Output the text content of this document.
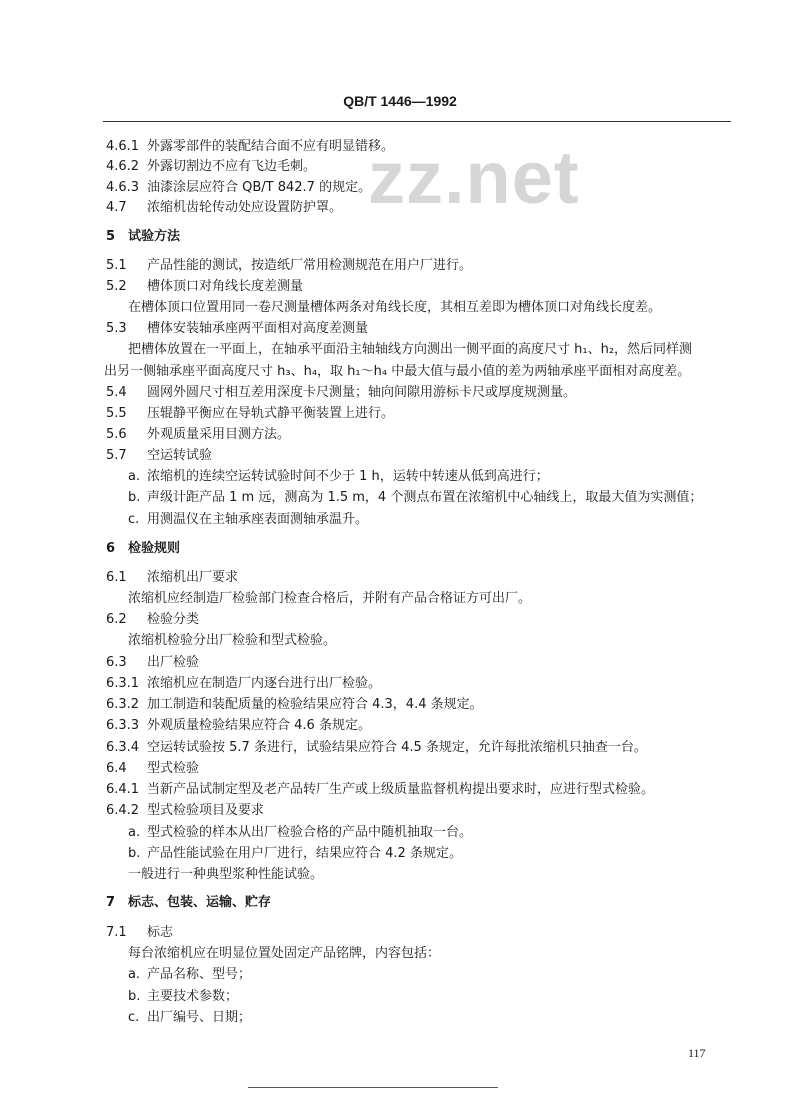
QB/T 1446—1992
zz.net
4.6.1 外露零部件的装配结合面不应有明显错移。
4.6.2 外露切割边不应有飞边毛刺。
4.6.3 油漆涂层应符合 QB/T 842.7 的规定。
4.7 浓缩机齿轮传动处应设置防护罩。
5 试验方法
5.1 产品性能的测试，按造纸厂常用检测规范在用户厂进行。
5.2 槽体顶口对角线长度差测量
在槽体顶口位置用同一卷尺测量槽体两条对角线长度，其相互差即为槽体顶口对角线长度差。
5.3 槽体安装轴承座两平面相对高度差测量
把槽体放置在一平面上，在轴承平面沿主轴轴线方向测出一侧平面的高度尺寸 h₁、h₂，然后同样测
出另一侧轴承座平面高度尺寸 h₃、h₄，取 h₁～h₄ 中最大值与最小值的差为两轴承座平面相对高度差。
5.4 圆网外圆尺寸相互差用深度卡尺测量；轴向间隙用游标卡尺或厚度规测量。
5.5 压辊静平衡应在导轨式静平衡装置上进行。
5.6 外观质量采用目测方法。
5.7 空运转试验
a. 浓缩机的连续空运转试验时间不少于 1 h，运转中转速从低到高进行；
b. 声级计距产品 1 m 远，测高为 1.5 m，4 个测点布置在浓缩机中心轴线上，取最大值为实测值；
c. 用测温仪在主轴承座表面测轴承温升。
6 检验规则
6.1 浓缩机出厂要求
浓缩机应经制造厂检验部门检查合格后，并附有产品合格证方可出厂。
6.2 检验分类
浓缩机检验分出厂检验和型式检验。
6.3 出厂检验
6.3.1 浓缩机应在制造厂内逐台进行出厂检验。
6.3.2 加工制造和装配质量的检验结果应符合 4.3，4.4 条规定。
6.3.3 外观质量检验结果应符合 4.6 条规定。
6.3.4 空运转试验按 5.7 条进行，试验结果应符合 4.5 条规定，允许每批浓缩机只抽查一台。
6.4 型式检验
6.4.1 当新产品试制定型及老产品转厂生产或上级质量监督机构提出要求时，应进行型式检验。
6.4.2 型式检验项目及要求
a. 型式检验的样本从出厂检验合格的产品中随机抽取一台。
b. 产品性能试验在用户厂进行，结果应符合 4.2 条规定。
一般进行一种典型浆种性能试验。
7 标志、包装、运输、贮存
7.1 标志
每台浓缩机应在明显位置处固定产品铭牌，内容包括：
a. 产品名称、型号；
b. 主要技术参数；
c. 出厂编号、日期；
117
